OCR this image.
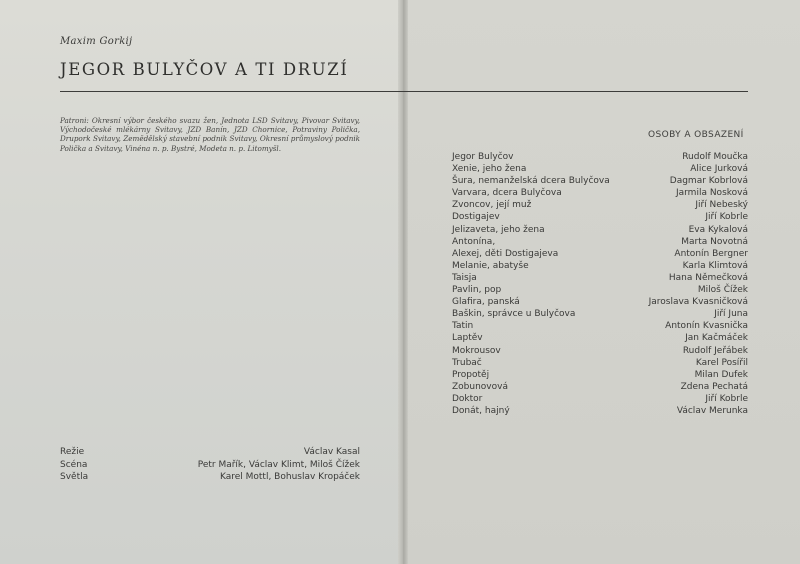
Maxim Gorkij
JEGOR BULYČOV A TI DRUZÍ
Patroni: Okresní výbor českého svazu žen, Jednota LSD Svitavy, Pivovar Svitavy, Východočeské mlékárny Svitavy, JZD Banín, JZD Chornice, Potraviny Polička, Drupork Svitavy, Zemědělský stavební podnik Svitavy, Okresní průmyslový podnik Polička a Svitavy, Vinéna n. p. Bystré, Modeta n. p. Litomyšl.
OSOBY A OBSAZENÍ
Jegor Bulyčov	Rudolf Moučka
Xenie, jeho žena	Alice Jurková
Šura, nemanželská dcera Bulyčova	Dagmar Kobrlová
Varvara, dcera Bulyčova	Jarmila Nosková
Zvoncov, její muž	Jiří Nebeský
Dostigajev	Jiří Kobrle
Jelizaveta, jeho žena	Eva Kykalová
Antonína,	Marta Novotná
Alexej, děti Dostigajeva	Antonín Bergner
Melanie, abatyše	Karla Klimtová
Taisja	Hana Němečková
Pavlin, pop	Miloš Čížek
Glafira, panská	Jaroslava Kvasničková
Baškin, správce u Bulyčova	Jiří Juna
Tatin	Antonín Kvasnička
Laptěv	Jan Kačmáček
Mokrousov	Rudolf Jeřábek
Trubač	Karel Posířil
Propotěj	Milan Dufek
Zobunovová	Zdena Pechatá
Doktor	Jiří Kobrle
Donát, hajný	Václav Merunka
Režie	Václav Kasal
Scéna	Petr Mařík, Václav Klimt, Miloš Čížek
Světla	Karel Mottl, Bohuslav Kropáček
